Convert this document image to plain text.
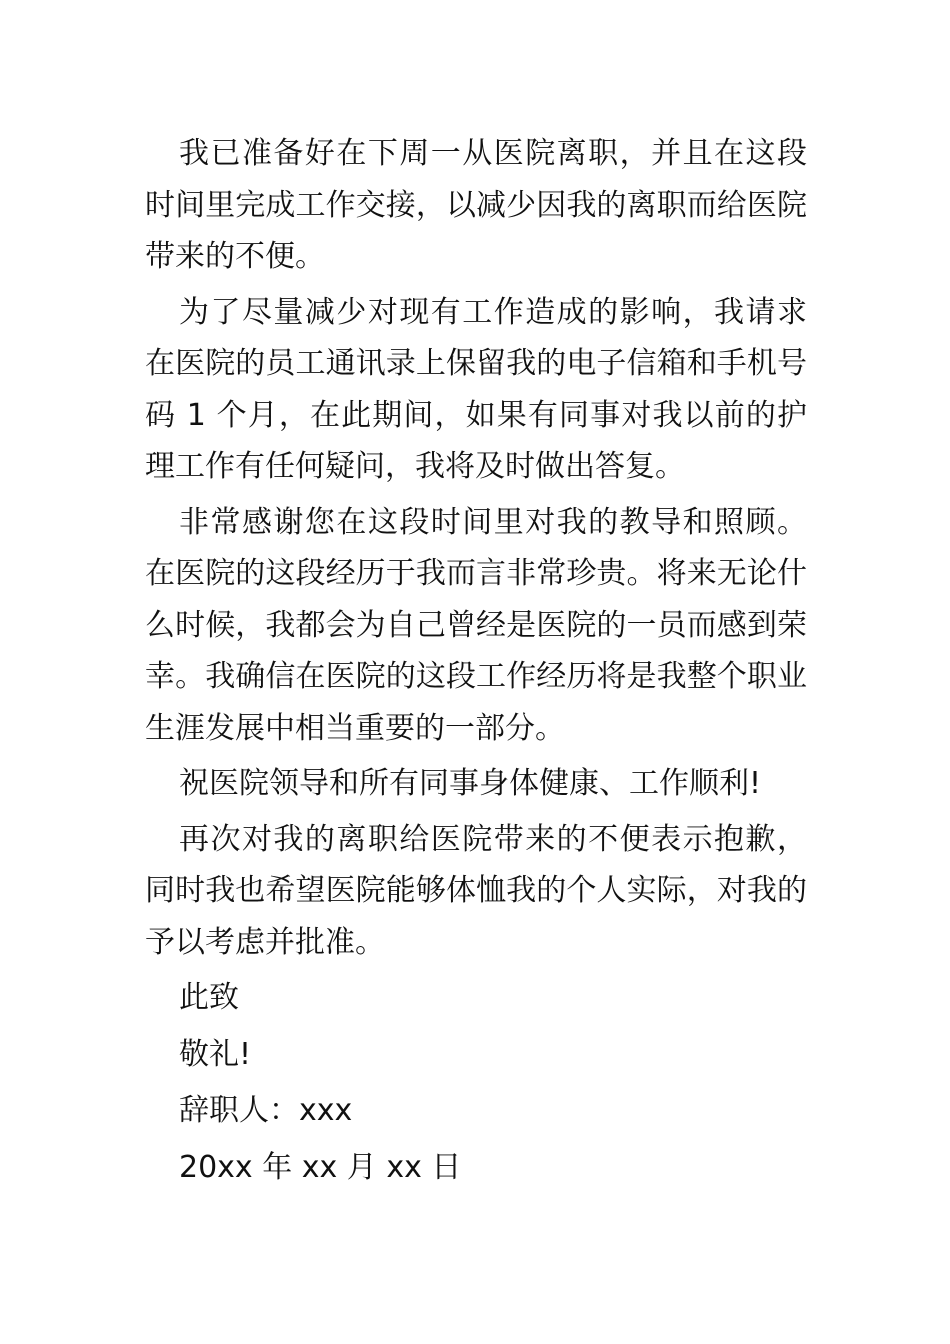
我已准备好在下周一从医院离职，并且在这段时间里完成工作交接，以减少因我的离职而给医院带来的不便。

为了尽量减少对现有工作造成的影响，我请求在医院的员工通讯录上保留我的电子信箱和手机号码 1 个月，在此期间，如果有同事对我以前的护理工作有任何疑问，我将及时做出答复。

非常感谢您在这段时间里对我的教导和照顾。在医院的这段经历于我而言非常珍贵。将来无论什么时候，我都会为自己曾经是医院的一员而感到荣幸。我确信在医院的这段工作经历将是我整个职业生涯发展中相当重要的一部分。

祝医院领导和所有同事身体健康、工作顺利!

再次对我的离职给医院带来的不便表示抱歉，同时我也希望医院能够体恤我的个人实际，对我的予以考虑并批准。

此致
敬礼!
辞职人：xxx
20xx 年 xx 月 xx 日
